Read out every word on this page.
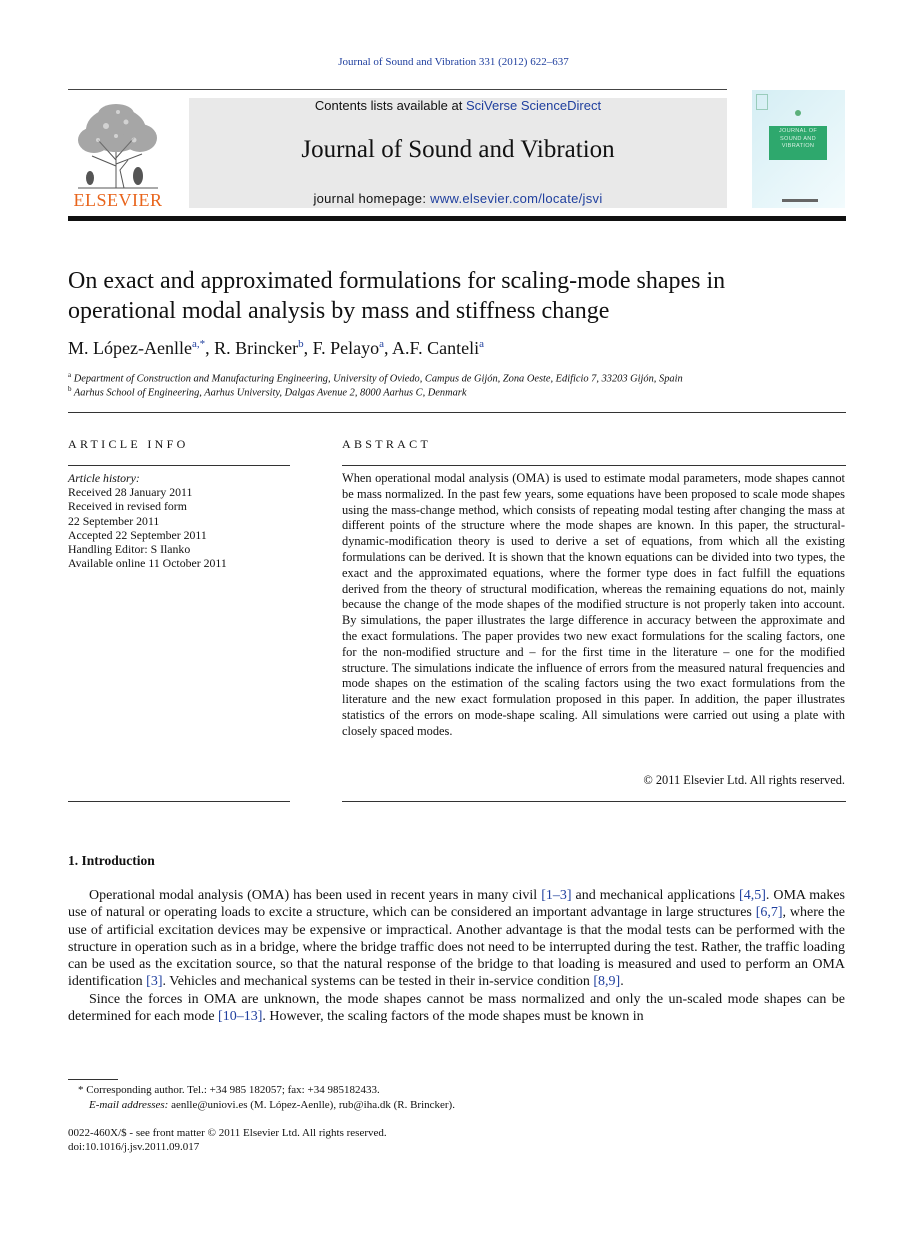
Journal of Sound and Vibration 331 (2012) 622–637
ELSEVIER
Contents lists available at SciVerse ScienceDirect
Journal of Sound and Vibration
journal homepage: www.elsevier.com/locate/jsvi
JOURNAL OF
SOUND AND
VIBRATION
On exact and approximated formulations for scaling-mode shapes in
operational modal analysis by mass and stiffness change
M. López-Aenlle$^{a,*}$, R. Brincker$^b$, F. Pelayo$^a$, A.F. Canteli$^a$
$^a$ Department of Construction and Manufacturing Engineering, University of Oviedo, Campus de Gijón, Zona Oeste, Edificio 7, 33203 Gijón, Spain
$^b$ Aarhus School of Engineering, Aarhus University, Dalgas Avenue 2, 8000 Aarhus C, Denmark
ARTICLE INFO	ABSTRACT
Article history:
Received 28 January 2011
Received in revised form
22 September 2011
Accepted 22 September 2011
Handling Editor: S Ilanko
Available online 11 October 2011
When operational modal analysis (OMA) is used to estimate modal parameters, mode shapes cannot be mass normalized. In the past few years, some equations have been proposed to scale mode shapes using the mass-change method, which consists of repeating modal testing after changing the mass at different points of the structure where the mode shapes are known. In this paper, the structural-dynamic-modification theory is used to derive a set of equations, from which all the existing formulations can be derived. It is shown that the known equations can be divided into two types, the exact and the approximated equations, where the former type does in fact fulfill the equations derived from the theory of structural modification, whereas the remaining equations do not, mainly because the change of the mode shapes of the modified structure is not properly taken into account. By simulations, the paper illustrates the large difference in accuracy between the approximate and the exact formulations. The paper provides two new exact formulations for the scaling factors, one for the non-modified structure and – for the first time in the literature – one for the modified structure. The simulations indicate the influence of errors from the measured natural frequencies and mode shapes on the estimation of the scaling factors using the two exact formulations from the literature and the new exact formulation proposed in this paper. In addition, the paper illustrates statistics of the errors on mode-shape scaling. All simulations were carried out using a plate with closely spaced modes.
© 2011 Elsevier Ltd. All rights reserved.
1. Introduction

Operational modal analysis (OMA) has been used in recent years in many civil [1–3] and mechanical applications [4,5]. OMA makes use of natural or operating loads to excite a structure, which can be considered an important advantage in large structures [6,7], where the use of artificial excitation devices may be expensive or impractical. Another advantage is that the modal tests can be performed with the structure in operation such as in a bridge, where the bridge traffic does not need to be interrupted during the test. Rather, the traffic loading can be used as the excitation source, so that the natural response of the bridge to that loading is measured and used to perform an OMA identification [3]. Vehicles and mechanical systems can be tested in their in-service condition [8,9].

Since the forces in OMA are unknown, the mode shapes cannot be mass normalized and only the un-scaled mode shapes can be determined for each mode [10–13]. However, the scaling factors of the mode shapes must be known in

* Corresponding author. Tel.: +34 985 182057; fax: +34 985182433.
E-mail addresses: aenlle@uniovi.es (M. López-Aenlle), rub@iha.dk (R. Brincker).
0022-460X/$ - see front matter © 2011 Elsevier Ltd. All rights reserved.
doi:10.1016/j.jsv.2011.09.017
